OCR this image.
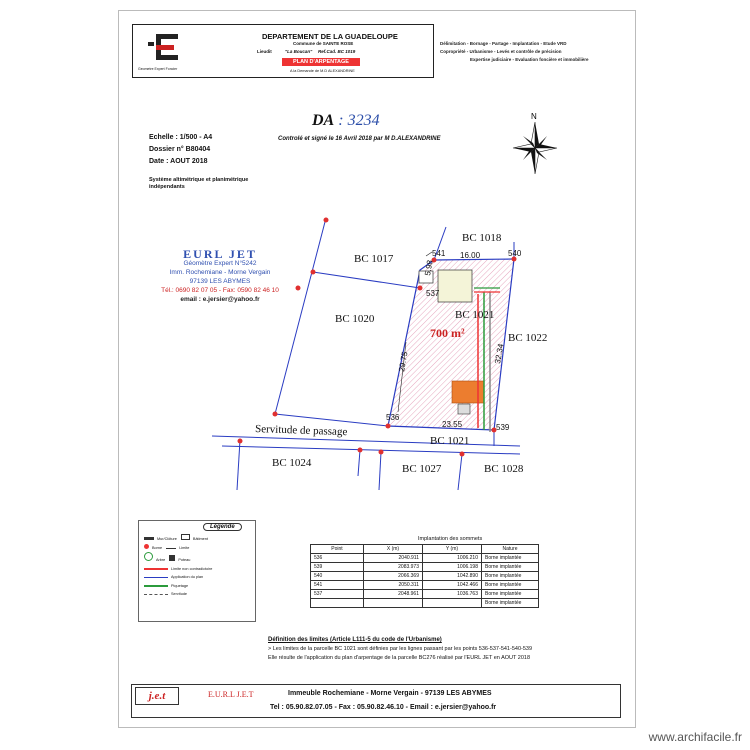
Geometre Expert Foncier
DEPARTEMENT DE LA GUADELOUPE
Commune de SAINTE ROSE
Lieudit	"La Boucan" Ref.Cad. BC 1019
PLAN D'ARPENTAGE
A la Demande de M.D ALEXANDRINE
Délimitation - Bornage - Partage - Implantation - Etude VRD
Copropriété - Urbanisme - Levés et contrôle de précision
Expertise judiciaire - Evaluation foncière et immobilière
DA : 3234
Controlé et signé le 16 Avril 2018 par M D.ALEXANDRINE
Echelle : 1/500 - A4
Dossier n° B80404
Date : AOUT 2018
Système altimétrique et planimétrique indépendants
N
EURL JET
Géomètre Expert N°5242
Imm. Rochemiane - Morne Vergain
97139 LES ABYMES
Tél.: 0690 82 07 05 - Fax: 0590 82 46 10
email : e.jersier@yahoo.fr
541	540
537
536
539
BC 1018
BC 1017
BC 1020	BC 1021
BC 1022
BC 1024	BC 1027	BC 1028
BC 1021
Servitude de passage
700 m²
16.00
5.98
29.75
23.55
32.34
Légende
Mur/Clôture	Bâtiment
Borne	Limite
Arbre	Poteau
Limite non contradictoire
Application du plan
Piquetage
Servitude
Implantation des sommets
Point	X (m)	Y (m)	Nature
536	2040.911	1006.210	Borne implantée
539	2083.973	1006.198	Borne implantée
540	2066.369	1042.890	Borne implantée
541	2050.311	1042.466	Borne implantée
537	2048.961	1036.763	Borne implantée
			Borne implantée
Définition des limites (Article L111-5 du code de l'Urbanisme)
> Les limites de la parcelle BC 1021 sont définies par les lignes passant par les points 536-537-541-540-539
Elle résulte de l'application du plan d'arpentage de la parcelle BC276 réalisé par l'EURL JET en AOUT 2018
j.e.t	E.U.R.L J.E.T	Immeuble Rochemiane - Morne Vergain - 97139 LES ABYMES
Tel : 05.90.82.07.05 - Fax : 05.90.82.46.10 - Email : e.jersier@yahoo.fr
www.archifacile.fr
